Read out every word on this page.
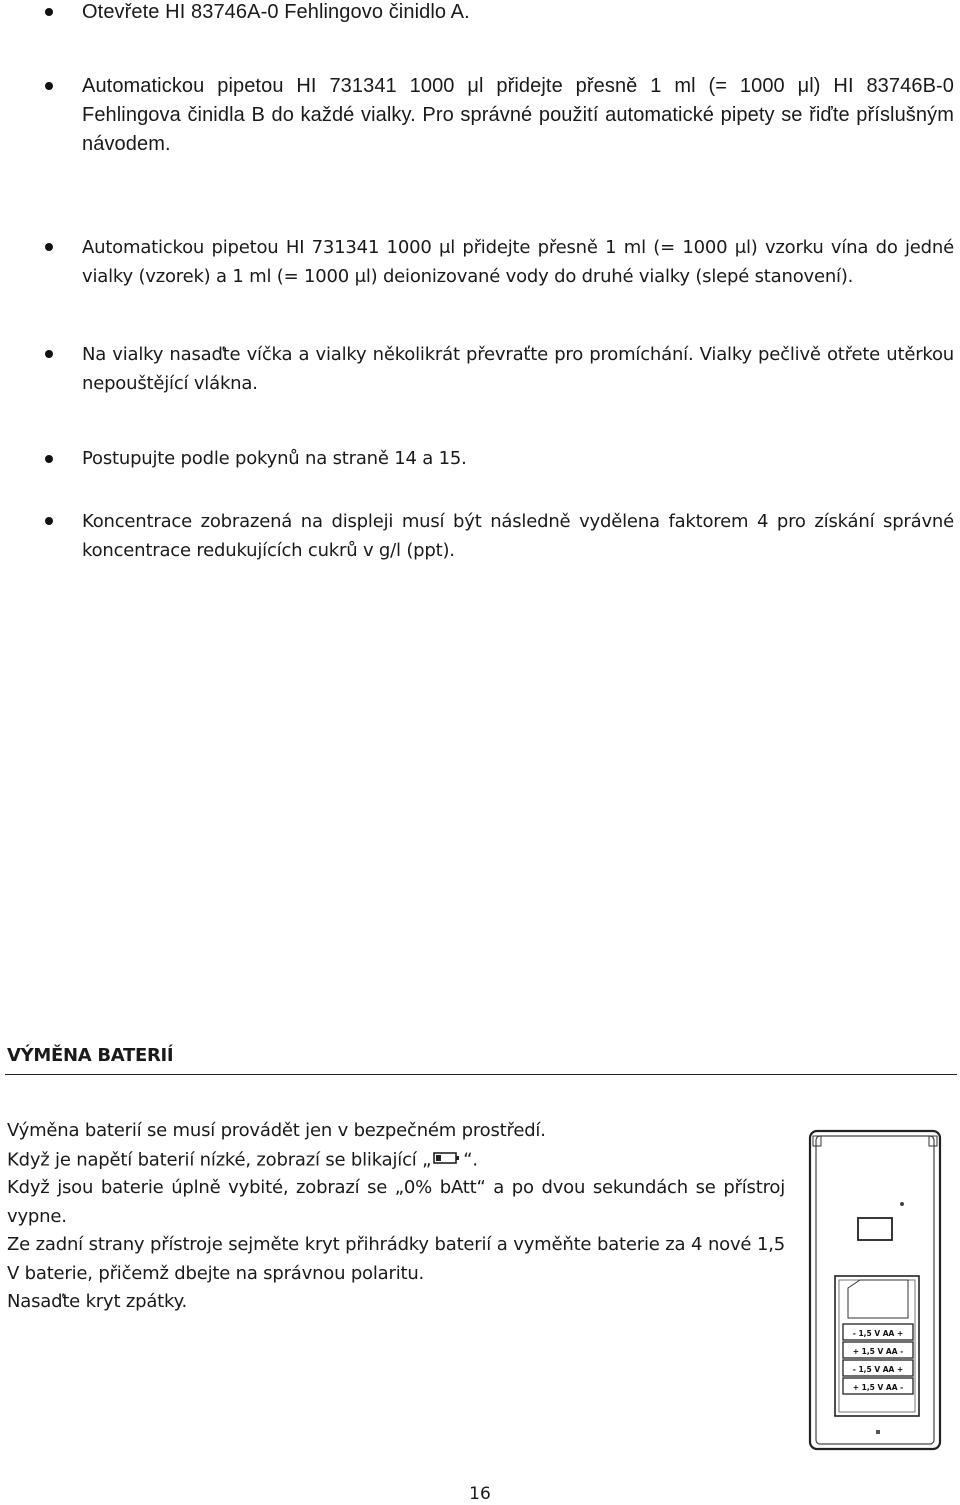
Otevřete HI 83746A-0 Fehlingovo činidlo A.
Automatickou pipetou HI 731341 1000 μl přidejte přesně 1 ml (= 1000 μl) HI 83746B-0 Fehlingova činidla B do každé vialky. Pro správné použití automatické pipety se řiďte příslušným návodem.
Automatickou pipetou HI 731341 1000 μl přidejte přesně 1 ml (= 1000 μl) vzorku vína do jedné vialky (vzorek) a 1 ml (= 1000 μl) deionizované vody do druhé vialky (slepé stanovení).
Na vialky nasaďte víčka a vialky několikrát převraťte pro promíchání. Vialky pečlivě otřete utěrkou nepouštějící vlákna.
Postupujte podle pokynů na straně 14 a 15.
Koncentrace zobrazená na displeji musí být následně vydělena faktorem 4 pro získání správné koncentrace redukujících cukrů v g/l (ppt).
VÝMĚNA BATERIÍ

Výměna baterií se musí provádět jen v bezpečném prostředí.

Když je napětí baterií nízké, zobrazí se blikající „ “.

Když jsou baterie úplně vybité, zobrazí se „0% bAtt“ a po dvou sekundách se přístroj vypne.

Ze zadní strany přístroje sejměte kryt přihrádky baterií a vyměňte baterie za 4 nové 1,5 V baterie, přičemž dbejte na správnou polaritu.

Nasaďte kryt zpátky.

- 1,5 V AA +
+ 1,5 V AA -
- 1,5 V AA +
+ 1,5 V AA -
16
